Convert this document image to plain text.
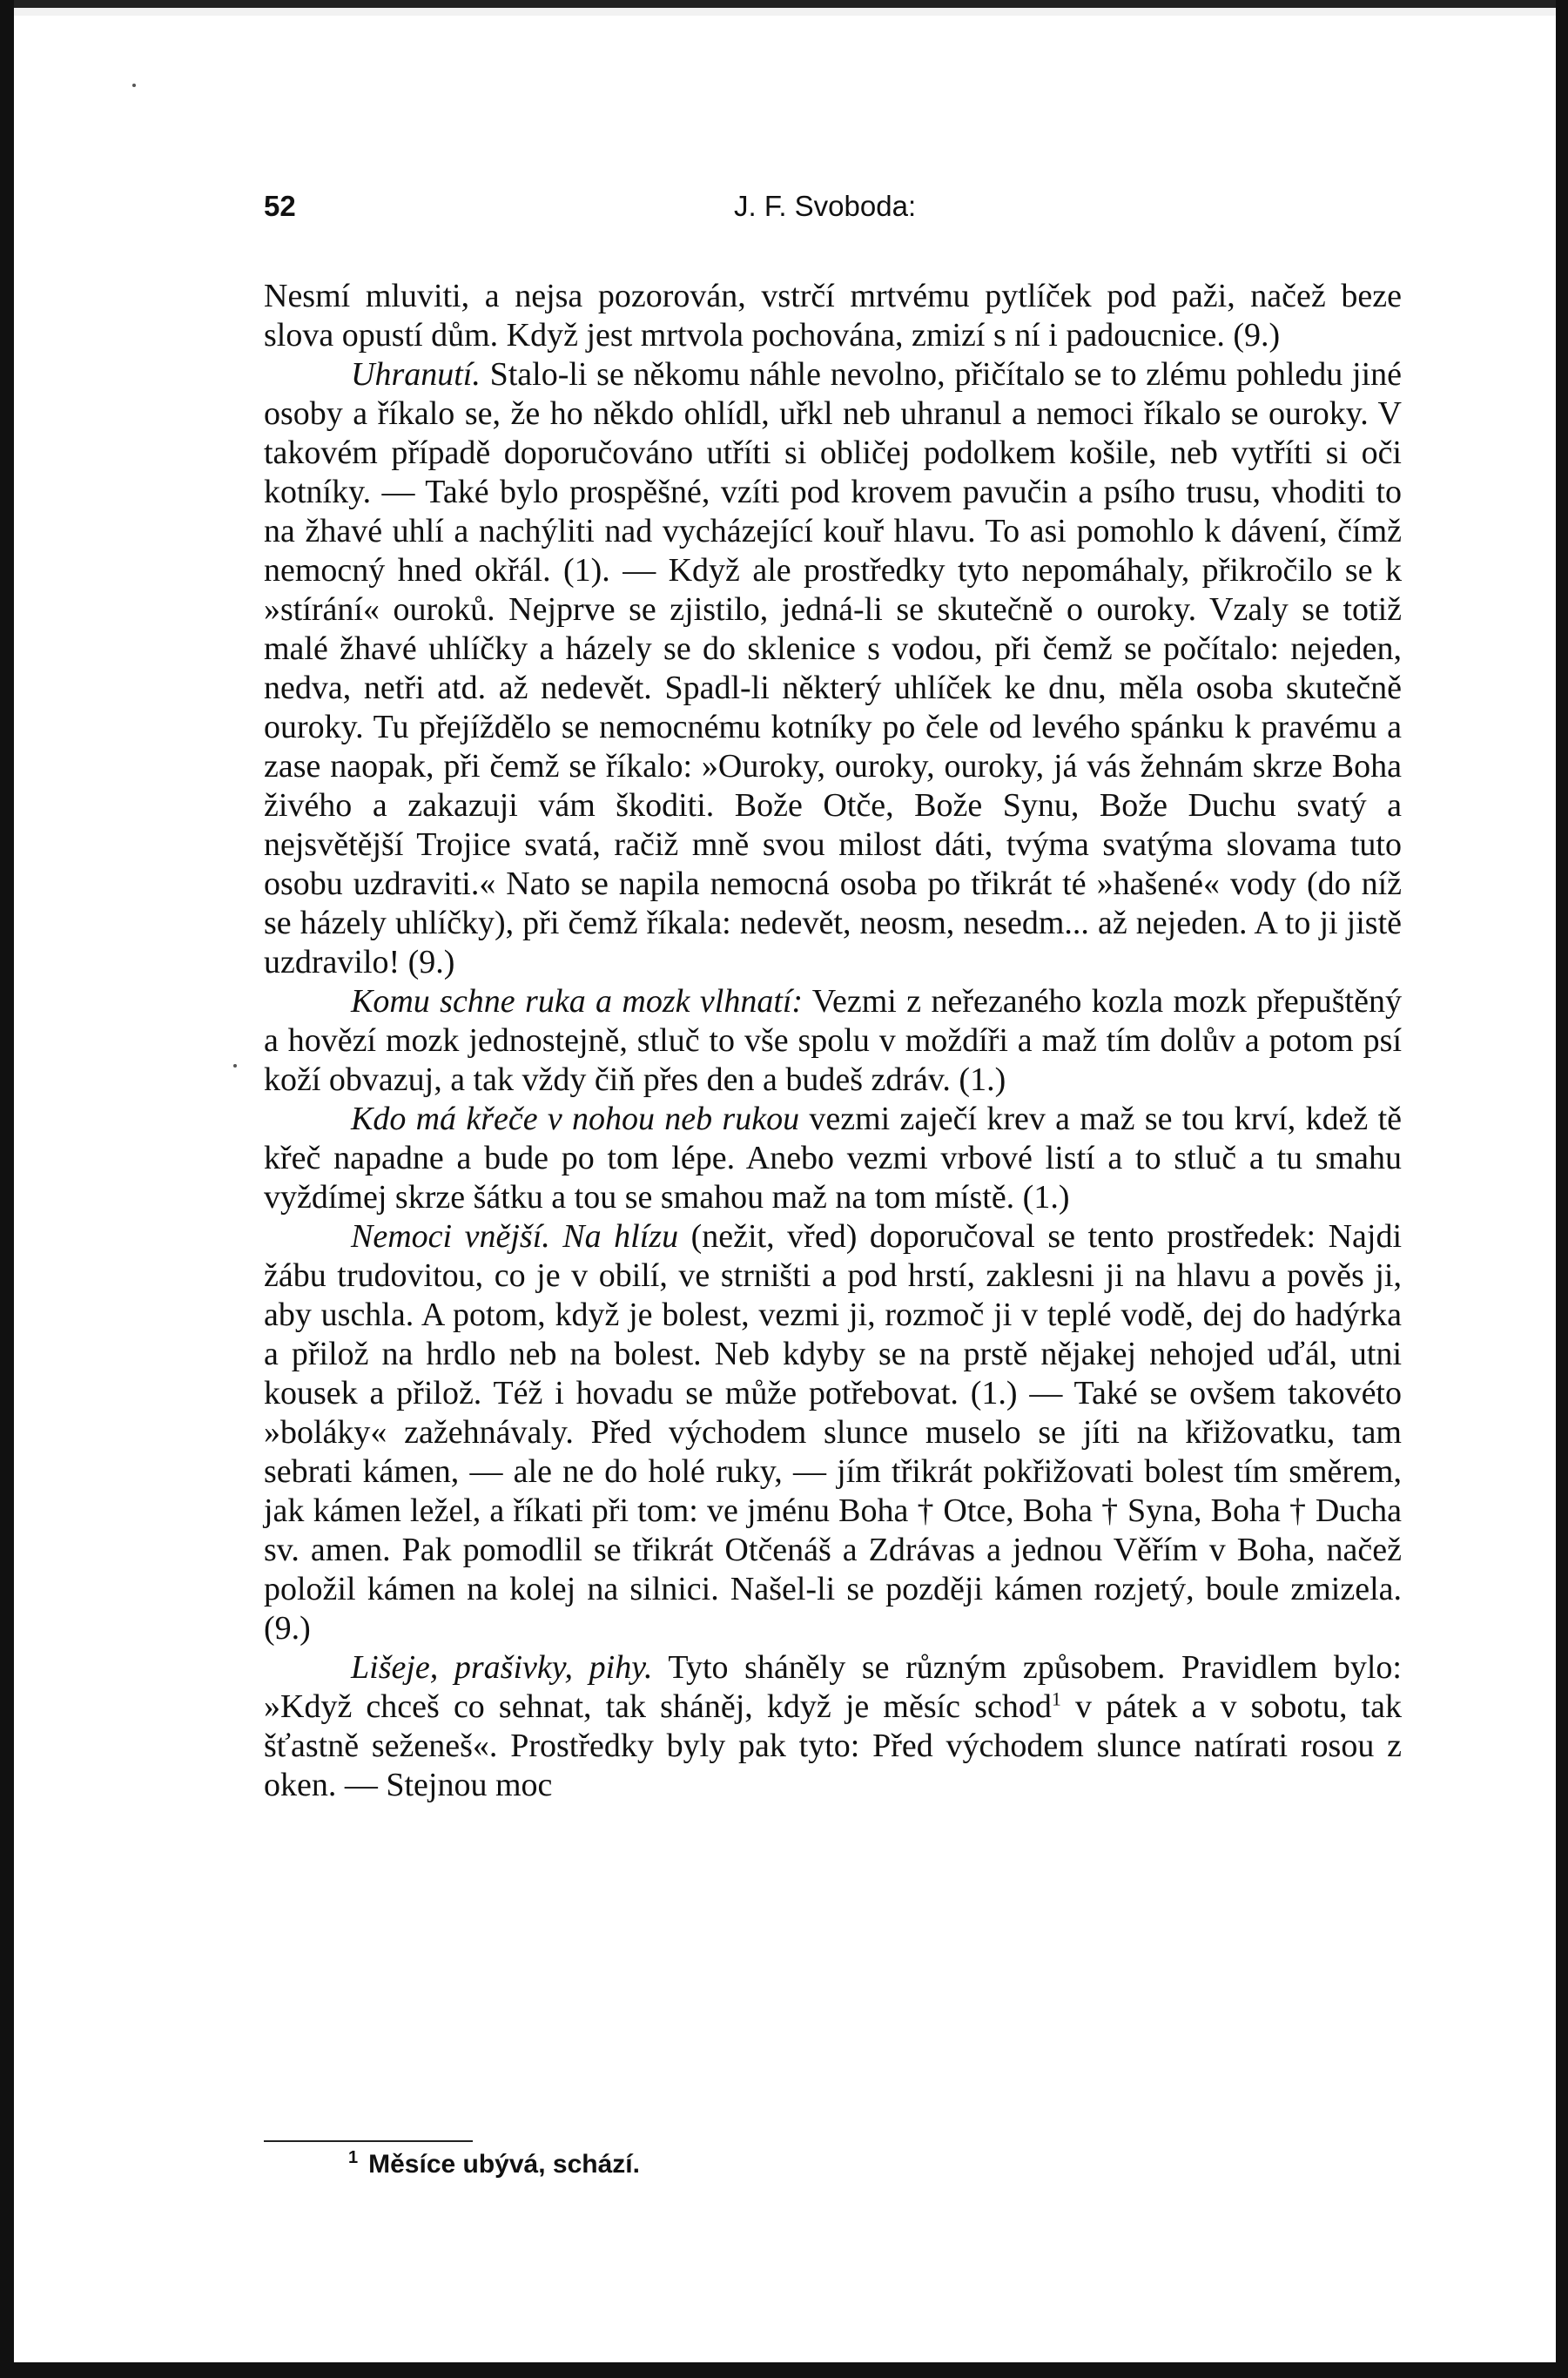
52	J. F. Svoboda:

Nesmí mluviti, a nejsa pozorován, vstrčí mrtvému pytlíček pod paži, načež beze slova opustí dům. Když jest mrtvola pochována, zmizí s ní i padoucnice. (9.)

Uhranutí. Stalo-li se někomu náhle nevolno, přičítalo se to zlému pohledu jiné osoby a říkalo se, že ho někdo ohlídl, uřkl neb uhranul a nemoci říkalo se ouroky. V takovém případě doporučováno utříti si obličej podolkem košile, neb vytříti si oči kotníky. — Také bylo prospěšné, vzíti pod krovem pavučin a psího trusu, vhoditi to na žhavé uhlí a nachýliti nad vycházející kouř hlavu. To asi pomohlo k dávení, čímž nemocný hned okřál. (1). — Když ale prostředky tyto nepomáhaly, přikročilo se k »stírání« ouroků. Nejprve se zjistilo, jedná-li se skutečně o ouroky. Vzaly se totiž malé žhavé uhlíčky a házely se do sklenice s vodou, při čemž se počítalo: nejeden, nedva, netři atd. až nedevět. Spadl-li některý uhlíček ke dnu, měla osoba skutečně ouroky. Tu přejíždělo se nemocnému kotníky po čele od levého spánku k pravému a zase naopak, při čemž se říkalo: »Ouroky, ouroky, ouroky, já vás žehnám skrze Boha živého a zakazuji vám škoditi. Bože Otče, Bože Synu, Bože Duchu svatý a nejsvětější Trojice svatá, račiž mně svou milost dáti, tvýma svatýma slovama tuto osobu uzdraviti.« Nato se napila nemocná osoba po třikrát té »hašené« vody (do níž se házely uhlíčky), při čemž říkala: nedevět, neosm, nesedm... až nejeden. A to ji jistě uzdravilo! (9.)

Komu schne ruka a mozk vlhnatí: Vezmi z neřezaného kozla mozk přepuštěný a hovězí mozk jednostejně, stluč to vše spolu v moždíři a maž tím dolův a potom psí koží obvazuj, a tak vždy čiň přes den a budeš zdráv. (1.)

Kdo má křeče v nohou neb rukou vezmi zaječí krev a maž se tou krví, kdež tě křeč napadne a bude po tom lépe. Anebo vezmi vrbové listí a to stluč a tu smahu vyždímej skrze šátku a tou se smahou maž na tom místě. (1.)

Nemoci vnější. Na hlízu (nežit, vřed) doporučoval se tento prostředek: Najdi žábu trudovitou, co je v obilí, ve strništi a pod hrstí, zaklesni ji na hlavu a pověs ji, aby uschla. A potom, když je bolest, vezmi ji, rozmoč ji v teplé vodě, dej do hadýrka a přilož na hrdlo neb na bolest. Neb kdyby se na prstě nějakej nehojed uďál, utni kousek a přilož. Též i hovadu se může potřebovat. (1.) — Také se ovšem takovéto »boláky« zažehnávaly. Před východem slunce muselo se jíti na křižovatku, tam sebrati kámen, — ale ne do holé ruky, — jím třikrát pokřižovati bolest tím směrem, jak kámen ležel, a říkati při tom: ve jménu Boha † Otce, Boha † Syna, Boha † Ducha sv. amen. Pak pomodlil se třikrát Otčenáš a Zdrávas a jednou Věřím v Boha, načež položil kámen na kolej na silnici. Našel-li se později kámen rozjetý, boule zmizela. (9.)

Lišeje, prašivky, pihy. Tyto sháněly se různým způsobem. Pravidlem bylo: »Když chceš co sehnat, tak sháněj, když je měsíc schod$^1$ v pátek a v sobotu, tak šťastně seženeš«. Prostředky byly pak tyto: Před východem slunce natírati rosou z oken. — Stejnou moc

$^1$ Měsíce ubývá, schází.
